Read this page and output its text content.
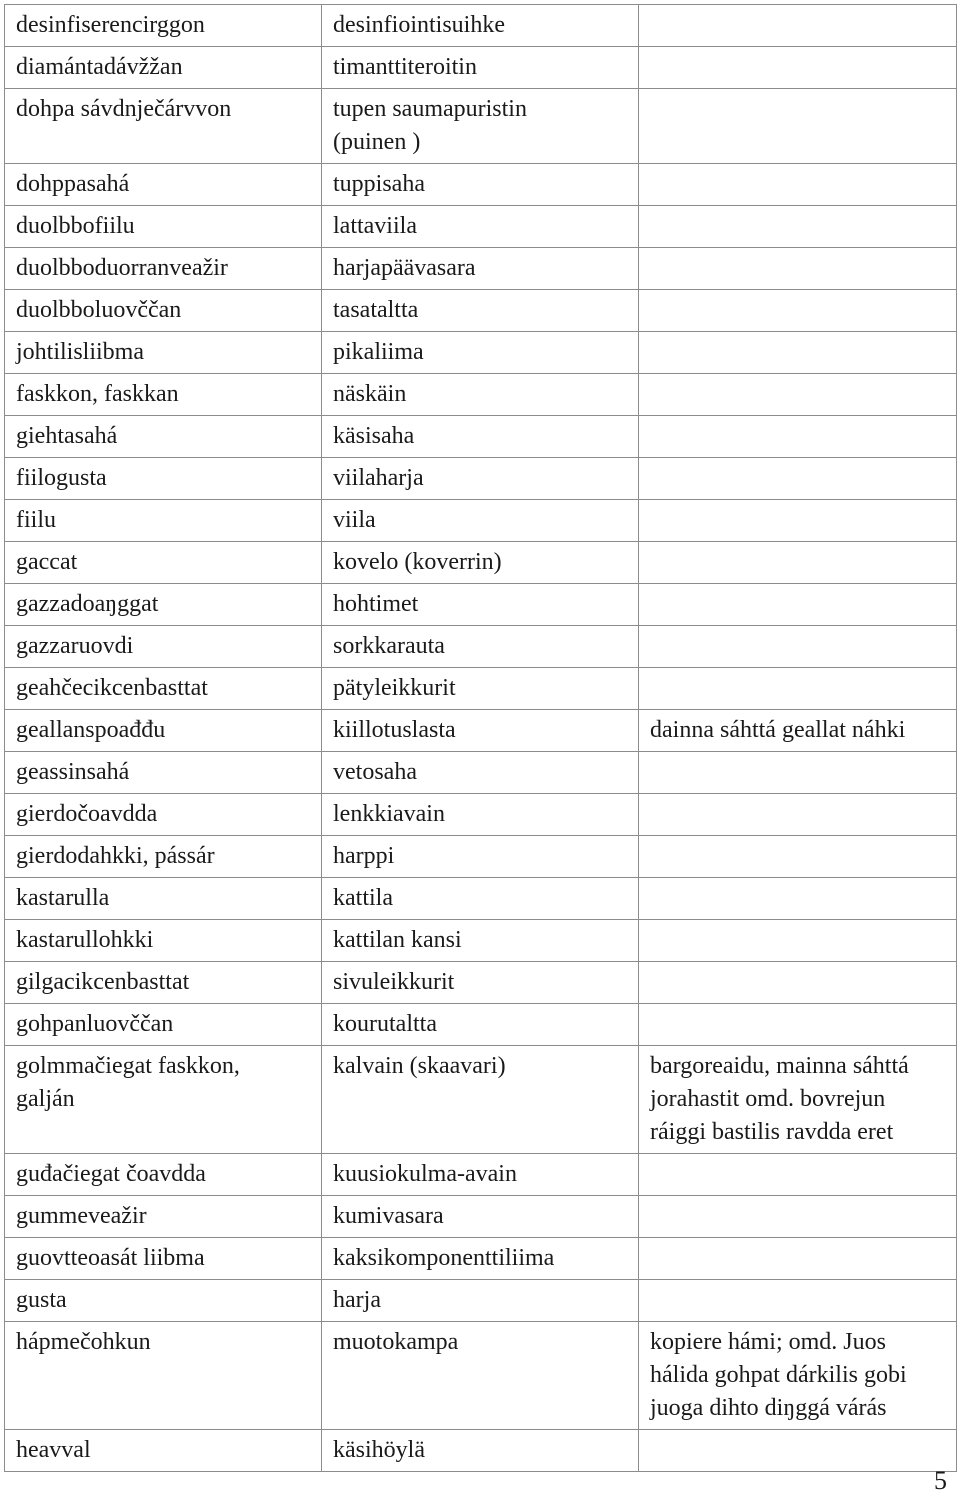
desinfiserencirggon	desinfiointisuihke	

diamántadávžžan	timanttiteroitin	

dohpa sávdnječárvvon	tupen saumapuristin
(puinen )	

dohppasahá	tuppisaha	

duolbbofiilu	lattaviila	

duolbboduorranveažir	harjapäävasara	

duolbboluovččan	tasataltta	

johtilisliibma	pikaliima	

faskkon, faskkan	näskäin	

giehtasahá	käsisaha	

fiilogusta	viilaharja	

fiilu	viila	

gaccat	kovelo (koverrin)	

gazzadoaŋggat	hohtimet	

gazzaruovdi	sorkkarauta	

geahčecikcenbasttat	pätyleikkurit	

geallanspoađđu	kiillotuslasta	dainna sáhttá geallat náhki

geassinsahá	vetosaha	

gierdočoavdda	lenkkiavain	

gierdodahkki, pássár	harppi	

kastarulla	kattila	

kastarullohkki	kattilan kansi	

gilgacikcenbasttat	sivuleikkurit	

gohpanluovččan	kourutaltta	

golmmačiegat faskkon,
galján	kalvain (skaavari)	bargoreaidu, mainna sáhttá
jorahastit omd. bovrejun
ráiggi bastilis ravdda eret

guđačiegat čoavdda	kuusiokulma-avain	

gummeveažir	kumivasara	

guovtteoasát liibma	kaksikomponenttiliima	

gusta	harja	

hápmečohkun	muotokampa	kopiere hámi; omd. Juos
hálida gohpat dárkilis gobi
juoga dihto diŋggá várás

heavval	käsihöylä	

5
